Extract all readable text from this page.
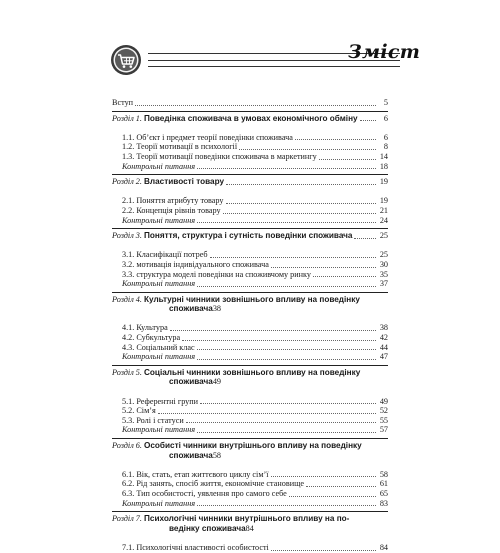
Зміст
Вступ	5
Розділ 1. Поведінка споживача в умовах економічного обміну	6
1.1. Об’єкт і предмет теорії поведінки споживача	6
1.2. Теорії мотивації в психології	8
1.3. Теорії мотивації поведінки споживача в маркетингу	14
Контрольні питання	18
Розділ 2. Властивості товару	19
2.1. Поняття атрибуту товару	19
2.2. Концепція рівнів товару	21
Контрольні питання	24
Розділ 3. Поняття, структура і сутність поведінки споживача	25
3.1. Класифікації потреб	25
3.2. мотивація індивідуального споживача	30
3.3. структура моделі поведінки на споживчому ринку	35
Контрольні питання	37
Розділ 4. Культурні чинники зовнішнього впливу на поведінку
споживача 38
4.1. Культура	38
4.2. Субкультура	42
4.3. Соціальний клас	44
Контрольні питання	47
Розділ 5. Соціальні чинники зовнішнього впливу на поведінку
споживача 49
5.1. Референтні групи	49
5.2. Сім’я	52
5.3. Ролі і статуси	55
Контрольні питання	57
Розділ 6. Особисті чинники внутрішнього впливу на поведінку
споживача 58
6.1. Вік, стать, етап життєвого циклу сім’ї	58
6.2. Рід занять, спосіб життя, економічне становище	61
6.3. Тип особистості, уявлення про самого себе	65
Контрольні питання	83
Розділ 7. Психологічні чинники внутрішнього впливу на по-
ведінку споживача 84
7.1. Психологічні властивості особистості	84
